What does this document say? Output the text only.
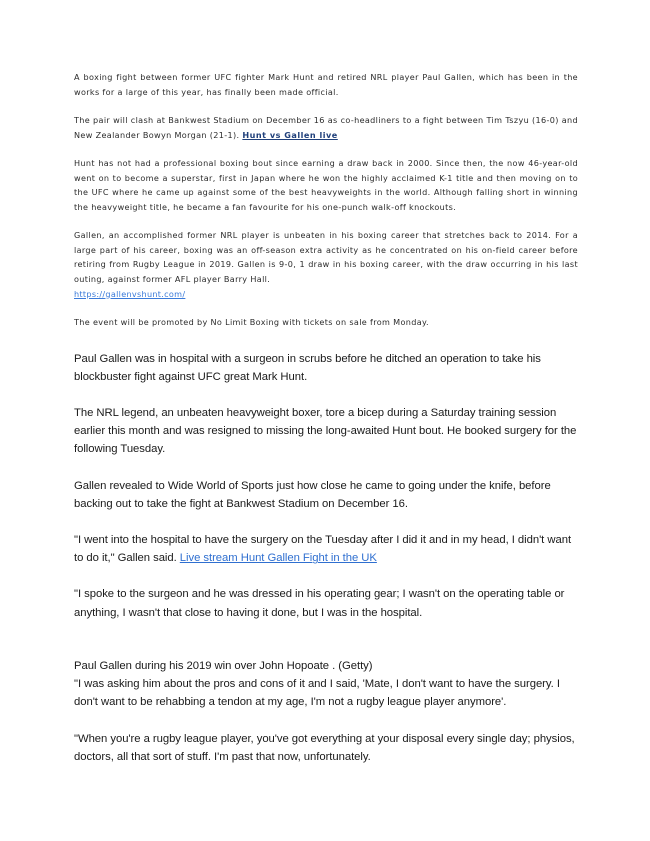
A boxing fight between former UFC fighter Mark Hunt and retired NRL player Paul Gallen, which has been in the works for a large of this year, has finally been made official.

The pair will clash at Bankwest Stadium on December 16 as co-headliners to a fight between Tim Tszyu (16-0) and New Zealander Bowyn Morgan (21-1). Hunt vs Gallen live

Hunt has not had a professional boxing bout since earning a draw back in 2000. Since then, the now 46-year-old went on to become a superstar, first in Japan where he won the highly acclaimed K-1 title and then moving on to the UFC where he came up against some of the best heavyweights in the world. Although falling short in winning the heavyweight title, he became a fan favourite for his one-punch walk-off knockouts.

Gallen, an accomplished former NRL player is unbeaten in his boxing career that stretches back to 2014. For a large part of his career, boxing was an off-season extra activity as he concentrated on his on-field career before retiring from Rugby League in 2019. Gallen is 9-0, 1 draw in his boxing career, with the draw occurring in his last outing, against former AFL player Barry Hall.

https://gallenvshunt.com/

The event will be promoted by No Limit Boxing with tickets on sale from Monday.

Paul Gallen was in hospital with a surgeon in scrubs before he ditched an operation to take his blockbuster fight against UFC great Mark Hunt.

The NRL legend, an unbeaten heavyweight boxer, tore a bicep during a Saturday training session earlier this month and was resigned to missing the long-awaited Hunt bout. He booked surgery for the following Tuesday.

Gallen revealed to Wide World of Sports just how close he came to going under the knife, before backing out to take the fight at Bankwest Stadium on December 16.

"I went into the hospital to have the surgery on the Tuesday after I did it and in my head, I didn't want to do it," Gallen said. Live stream Hunt Gallen Fight in the UK

"I spoke to the surgeon and he was dressed in his operating gear; I wasn't on the operating table or anything, I wasn't that close to having it done, but I was in the hospital.

Paul Gallen during his 2019 win over John Hopoate . (Getty)

"I was asking him about the pros and cons of it and I said, 'Mate, I don't want to have the surgery. I don't want to be rehabbing a tendon at my age, I'm not a rugby league player anymore'.

"When you're a rugby league player, you've got everything at your disposal every single day; physios, doctors, all that sort of stuff. I'm past that now, unfortunately.
